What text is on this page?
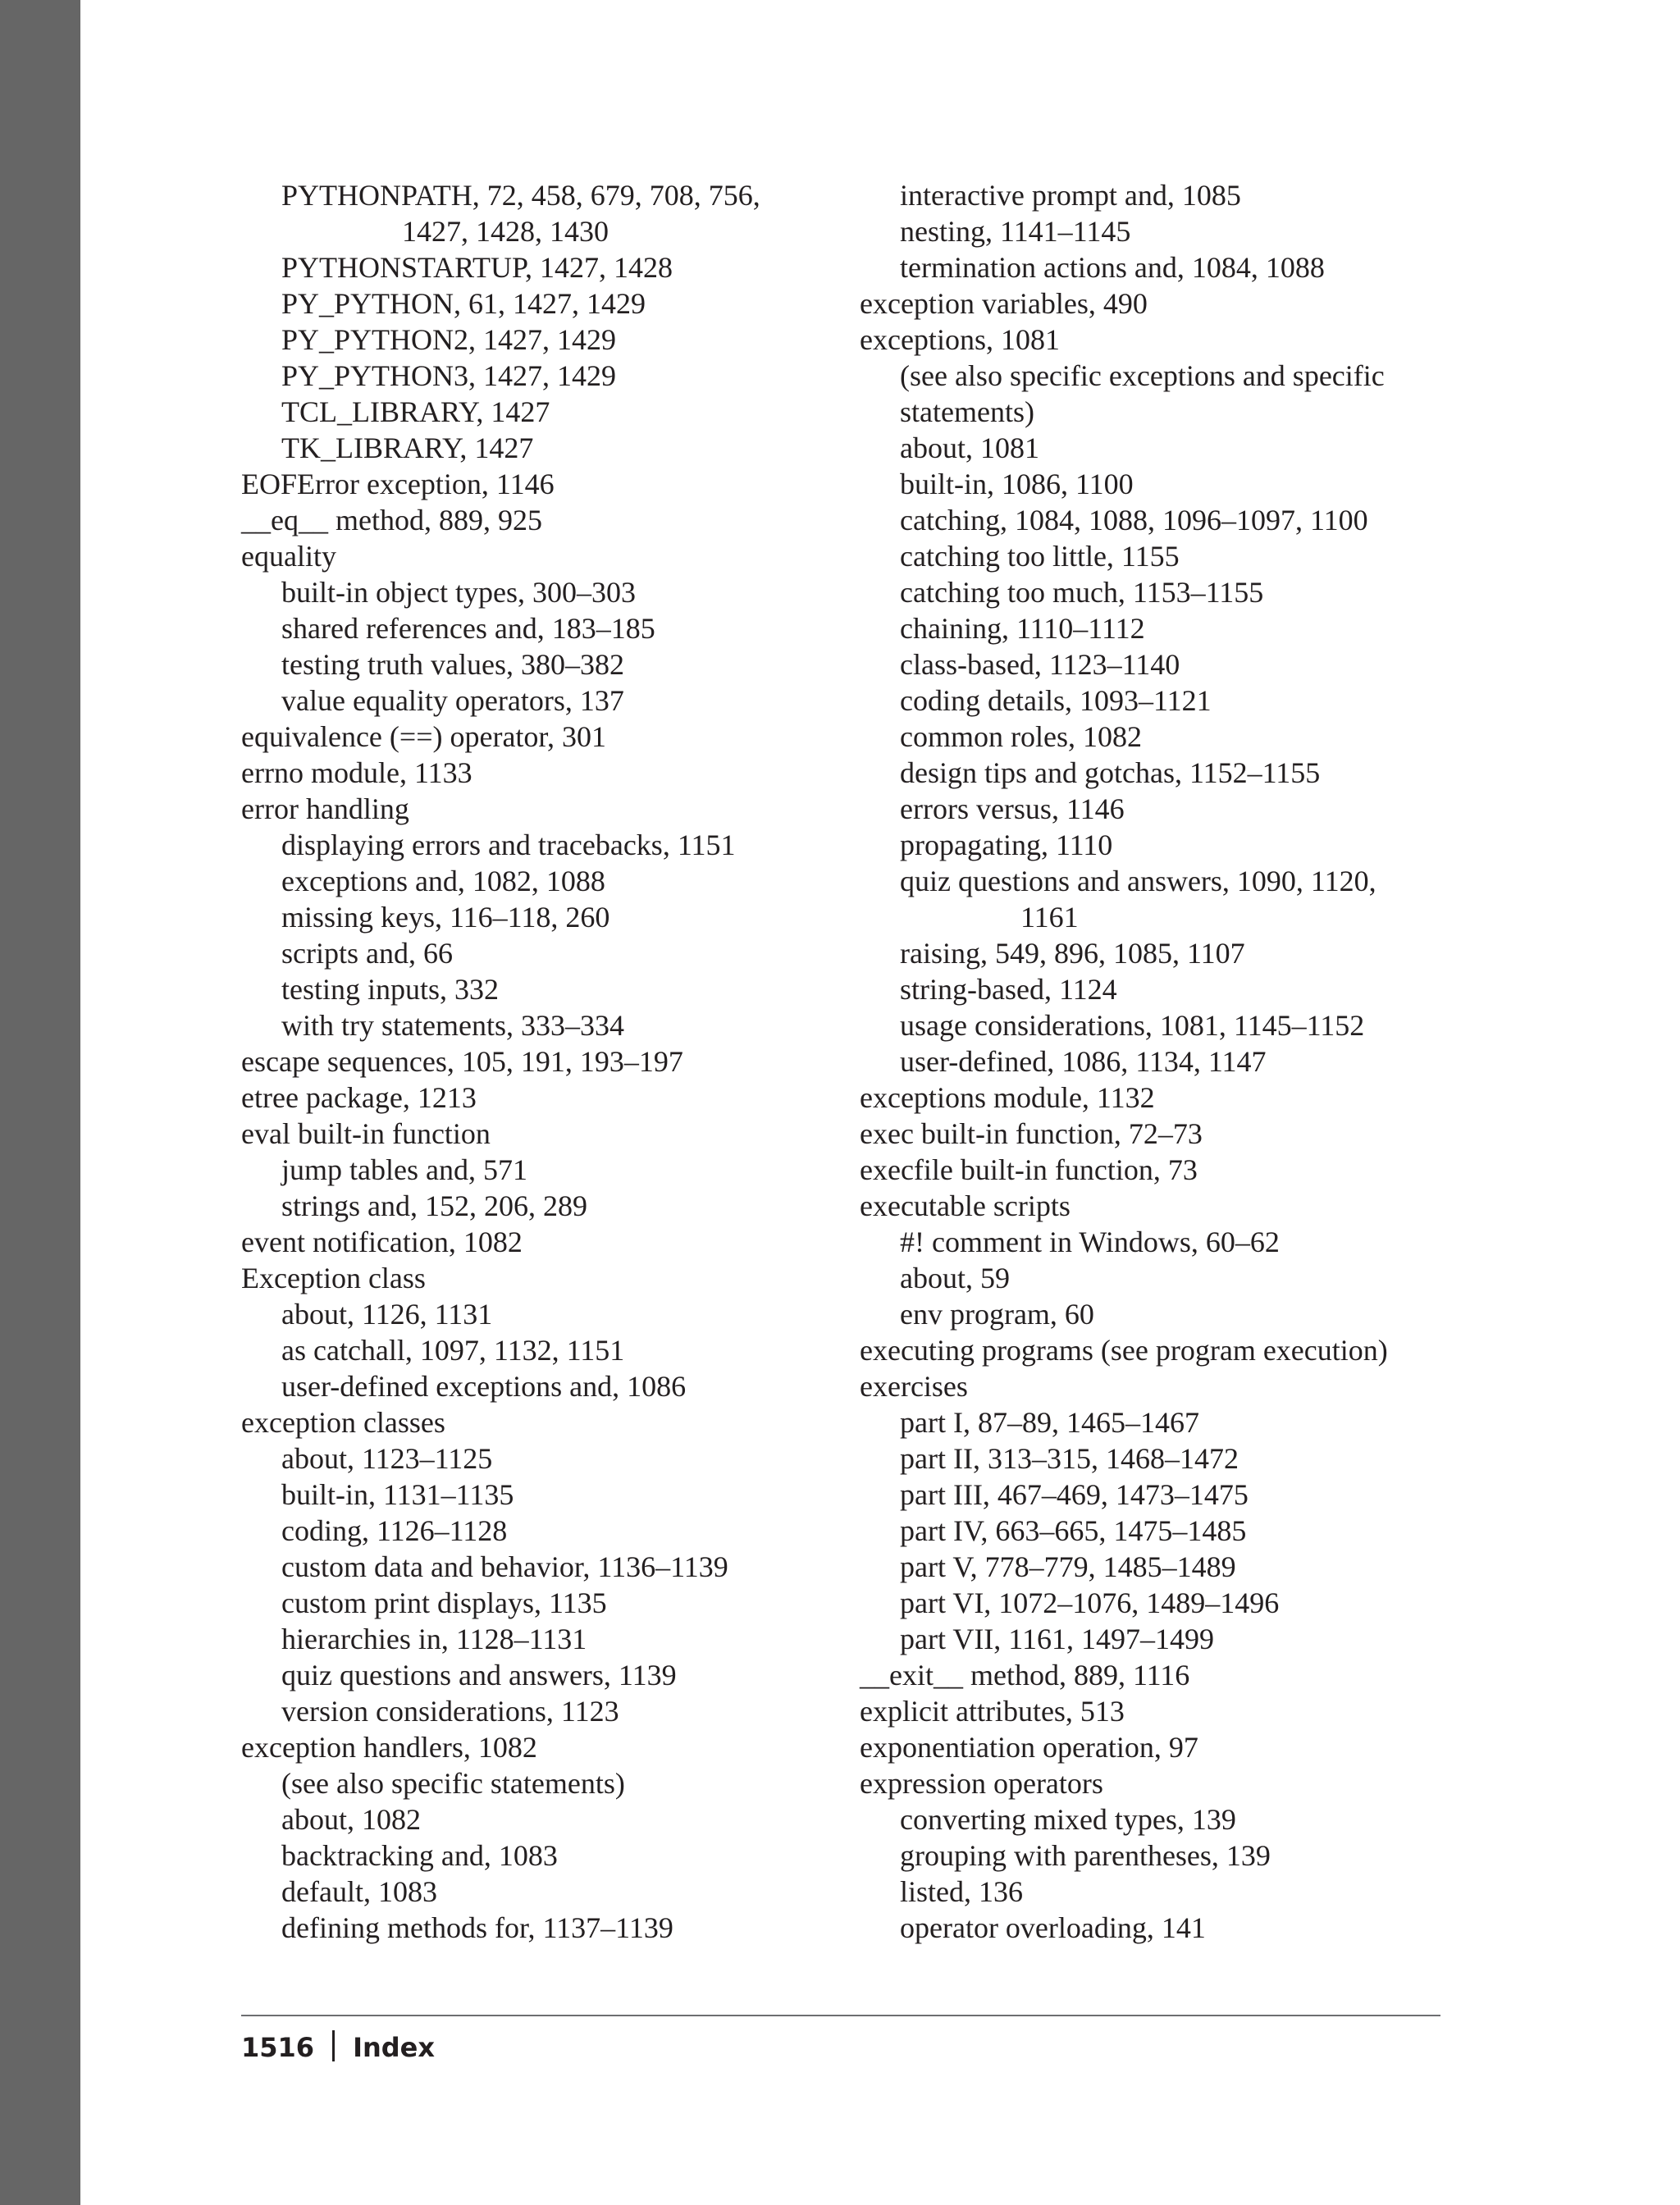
PYTHONPATH, 72, 458, 679, 708, 756,
1427, 1428, 1430
PYTHONSTARTUP, 1427, 1428
PY_PYTHON, 61, 1427, 1429
PY_PYTHON2, 1427, 1429
PY_PYTHON3, 1427, 1429
TCL_LIBRARY, 1427
TK_LIBRARY, 1427
EOFError exception, 1146
__eq__ method, 889, 925
equality
built-in object types, 300–303
shared references and, 183–185
testing truth values, 380–382
value equality operators, 137
equivalence (==) operator, 301
errno module, 1133
error handling
displaying errors and tracebacks, 1151
exceptions and, 1082, 1088
missing keys, 116–118, 260
scripts and, 66
testing inputs, 332
with try statements, 333–334
escape sequences, 105, 191, 193–197
etree package, 1213
eval built-in function
jump tables and, 571
strings and, 152, 206, 289
event notification, 1082
Exception class
about, 1126, 1131
as catchall, 1097, 1132, 1151
user-defined exceptions and, 1086
exception classes
about, 1123–1125
built-in, 1131–1135
coding, 1126–1128
custom data and behavior, 1136–1139
custom print displays, 1135
hierarchies in, 1128–1131
quiz questions and answers, 1139
version considerations, 1123
exception handlers, 1082
(see also specific statements)
about, 1082
backtracking and, 1083
default, 1083
defining methods for, 1137–1139
interactive prompt and, 1085
nesting, 1141–1145
termination actions and, 1084, 1088
exception variables, 490
exceptions, 1081
(see also specific exceptions and specific
statements)
about, 1081
built-in, 1086, 1100
catching, 1084, 1088, 1096–1097, 1100
catching too little, 1155
catching too much, 1153–1155
chaining, 1110–1112
class-based, 1123–1140
coding details, 1093–1121
common roles, 1082
design tips and gotchas, 1152–1155
errors versus, 1146
propagating, 1110
quiz questions and answers, 1090, 1120,
1161
raising, 549, 896, 1085, 1107
string-based, 1124
usage considerations, 1081, 1145–1152
user-defined, 1086, 1134, 1147
exceptions module, 1132
exec built-in function, 72–73
execfile built-in function, 73
executable scripts
#! comment in Windows, 60–62
about, 59
env program, 60
executing programs (see program execution)
exercises
part I, 87–89, 1465–1467
part II, 313–315, 1468–1472
part III, 467–469, 1473–1475
part IV, 663–665, 1475–1485
part V, 778–779, 1485–1489
part VI, 1072–1076, 1489–1496
part VII, 1161, 1497–1499
__exit__ method, 889, 1116
explicit attributes, 513
exponentiation operation, 97
expression operators
converting mixed types, 139
grouping with parentheses, 139
listed, 136
operator overloading, 141
1516 Index
